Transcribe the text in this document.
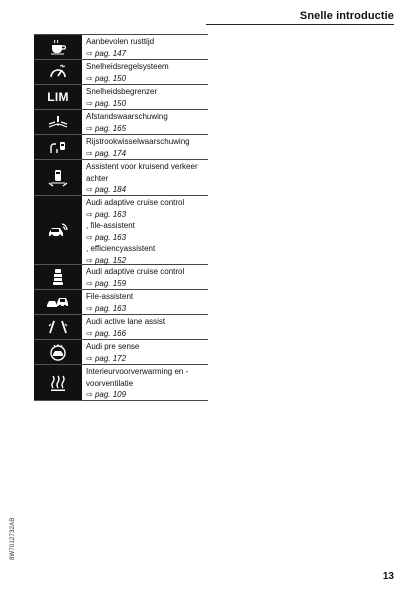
Snelle introductie
Aanbevolen rusttijd
⇨ pag. 147
Snelheidsregelsysteem
⇨ pag. 150
LIM Snelheidsbegrenzer
⇨ pag. 150
Afstandswaarschuwing
⇨ pag. 165
Rijstrookwisselwaarschuwing
⇨ pag. 174
Assistent voor kruisend verkeer
achter
⇨ pag. 184
Audi adaptive cruise control
⇨ pag. 163
, file-assistent
⇨ pag. 163
, efficiencyassistent
⇨ pag. 152
Audi adaptive cruise control
⇨ pag. 159
File-assistent
⇨ pag. 163
Audi active lane assist
⇨ pag. 166
Audi pre sense
⇨ pag. 172
Interieurvoorverwarming en -
voorventilatie
⇨ pag. 109
8W7012732AB
13
